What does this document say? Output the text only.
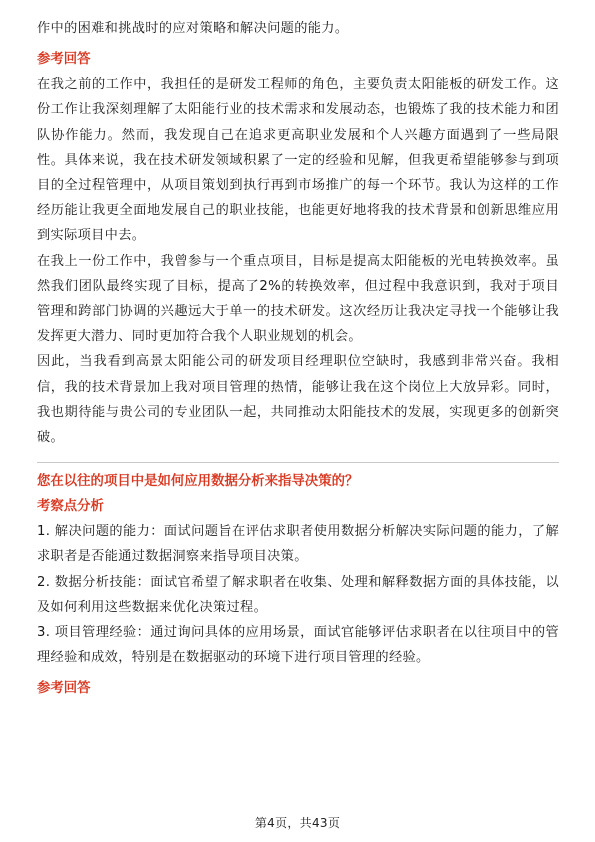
作中的困难和挑战时的应对策略和解决问题的能力。

参考回答

在我之前的工作中，我担任的是研发工程师的角色，主要负责太阳能板的研发工作。这份工作让我深刻理解了太阳能行业的技术需求和发展动态，也锻炼了我的技术能力和团队协作能力。然而，我发现自己在追求更高职业发展和个人兴趣方面遇到了一些局限性。具体来说，我在技术研发领域积累了一定的经验和见解，但我更希望能够参与到项目的全过程管理中，从项目策划到执行再到市场推广的每一个环节。我认为这样的工作经历能让我更全面地发展自己的职业技能，也能更好地将我的技术背景和创新思维应用到实际项目中去。

在我上一份工作中，我曾参与一个重点项目，目标是提高太阳能板的光电转换效率。虽然我们团队最终实现了目标，提高了2%的转换效率，但过程中我意识到，我对于项目管理和跨部门协调的兴趣远大于单一的技术研发。这次经历让我决定寻找一个能够让我发挥更大潜力、同时更加符合我个人职业规划的机会。

因此，当我看到高景太阳能公司的研发项目经理职位空缺时，我感到非常兴奋。我相信，我的技术背景加上我对项目管理的热情，能够让我在这个岗位上大放异彩。同时，我也期待能与贵公司的专业团队一起，共同推动太阳能技术的发展，实现更多的创新突破。

您在以往的项目中是如何应用数据分析来指导决策的？

考察点分析

1. 解决问题的能力：面试问题旨在评估求职者使用数据分析解决实际问题的能力，了解求职者是否能通过数据洞察来指导项目决策。

2. 数据分析技能：面试官希望了解求职者在收集、处理和解释数据方面的具体技能，以及如何利用这些数据来优化决策过程。

3. 项目管理经验：通过询问具体的应用场景，面试官能够评估求职者在以往项目中的管理经验和成效，特别是在数据驱动的环境下进行项目管理的经验。

参考回答

第4页，共43页
